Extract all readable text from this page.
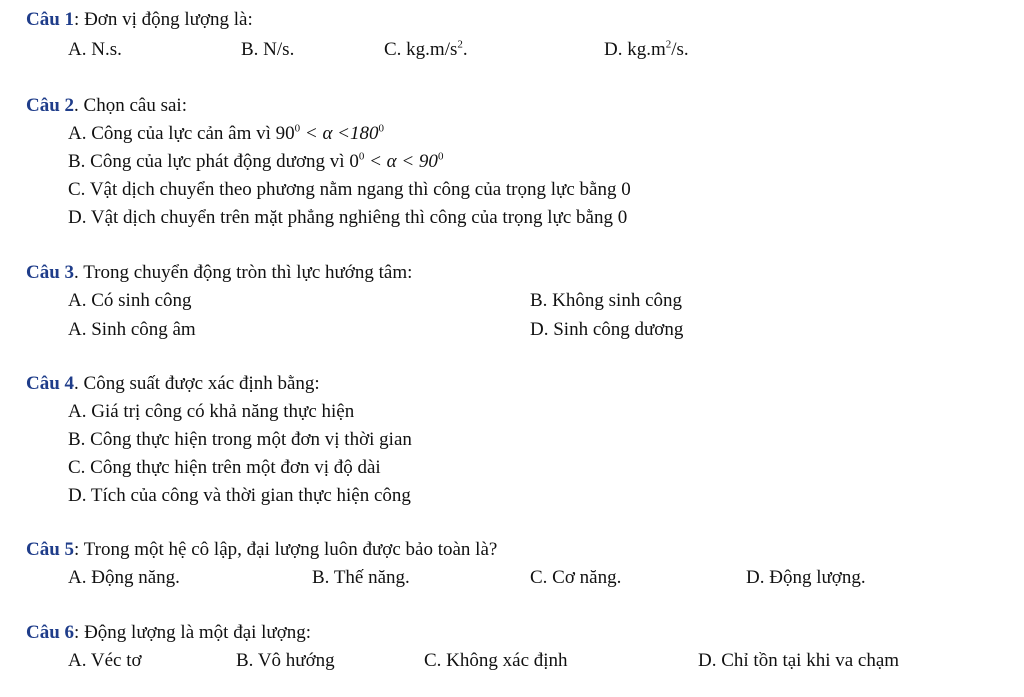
Câu 1: Đơn vị động lượng là:
A. N.s.	B. N/s.	C. $kg.m/s^2$.	D. $kg.m^2/s$.
Câu 2. Chọn câu sai:
A. Công của lực cản âm vì $90^0 < \alpha <180^0$
B. Công của lực phát động dương vì $0^0 < \alpha < 90^0$
C. Vật dịch chuyển theo phương nằm ngang thì công của trọng lực bằng 0
D. Vật dịch chuyển trên mặt phẳng nghiêng thì công của trọng lực bằng 0
Câu 3. Trong chuyển động tròn thì lực hướng tâm:
A. Có sinh công	B. Không sinh công
A. Sinh công âm	D. Sinh công dương
Câu 4. Công suất được xác định bằng:
A. Giá trị công có khả năng thực hiện
B. Công thực hiện trong một đơn vị thời gian
C. Công thực hiện trên một đơn vị độ dài
D. Tích của công và thời gian thực hiện công
Câu 5: Trong một hệ cô lập, đại lượng luôn được bảo toàn là?
A. Động năng.	B. Thế năng.	C. Cơ năng.	D. Động lượng.
Câu 6: Động lượng là một đại lượng:
A. Véc tơ	B. Vô hướng	C. Không xác định	D. Chỉ tồn tại khi va chạm
